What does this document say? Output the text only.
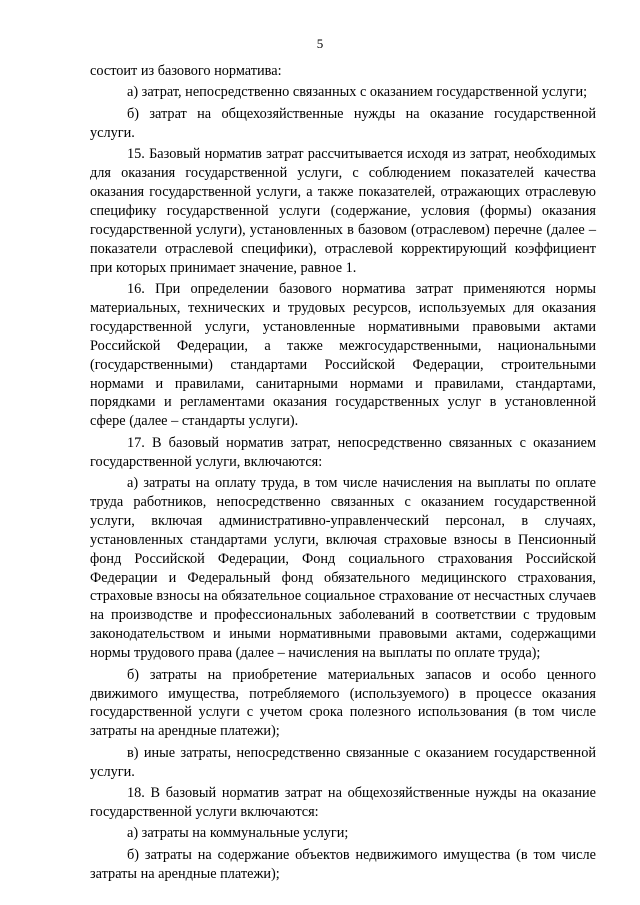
5

состоит из базового норматива:

а) затрат, непосредственно связанных с оказанием государственной услуги;

б) затрат на общехозяйственные нужды на оказание государственной услуги.

15. Базовый норматив затрат рассчитывается исходя из затрат, необходимых для оказания государственной услуги, с соблюдением показателей качества оказания государственной услуги, а также показателей, отражающих отраслевую специфику государственной услуги (содержание, условия (формы) оказания государственной услуги), установленных в базовом (отраслевом) перечне (далее – показатели отраслевой специфики), отраслевой корректирующий коэффициент при которых принимает значение, равное 1.

16. При определении базового норматива затрат применяются нормы материальных, технических и трудовых ресурсов, используемых для оказания государственной услуги, установленные нормативными правовыми актами Российской Федерации, а также межгосударственными, национальными (государственными) стандартами Российской Федерации, строительными нормами и правилами, санитарными нормами и правилами, стандартами, порядками и регламентами оказания государственных услуг в установленной сфере (далее – стандарты услуги).

17. В базовый норматив затрат, непосредственно связанных с оказанием государственной услуги, включаются:

а) затраты на оплату труда, в том числе начисления на выплаты по оплате труда работников, непосредственно связанных с оказанием государственной услуги, включая административно-управленческий персонал, в случаях, установленных стандартами услуги, включая страховые взносы в Пенсионный фонд Российской Федерации, Фонд социального страхования Российской Федерации и Федеральный фонд обязательного медицинского страхования, страховые взносы на обязательное социальное страхование от несчастных случаев на производстве и профессиональных заболеваний в соответствии с трудовым законодательством и иными нормативными правовыми актами, содержащими нормы трудового права (далее – начисления на выплаты по оплате труда);

б) затраты на приобретение материальных запасов и особо ценного движимого имущества, потребляемого (используемого) в процессе оказания государственной услуги с учетом срока полезного использования (в том числе затраты на арендные платежи);

в) иные затраты, непосредственно связанные с оказанием государственной услуги.

18. В базовый норматив затрат на общехозяйственные нужды на оказание государственной услуги включаются:

а) затраты на коммунальные услуги;

б) затраты на содержание объектов недвижимого имущества (в том числе затраты на арендные платежи);
